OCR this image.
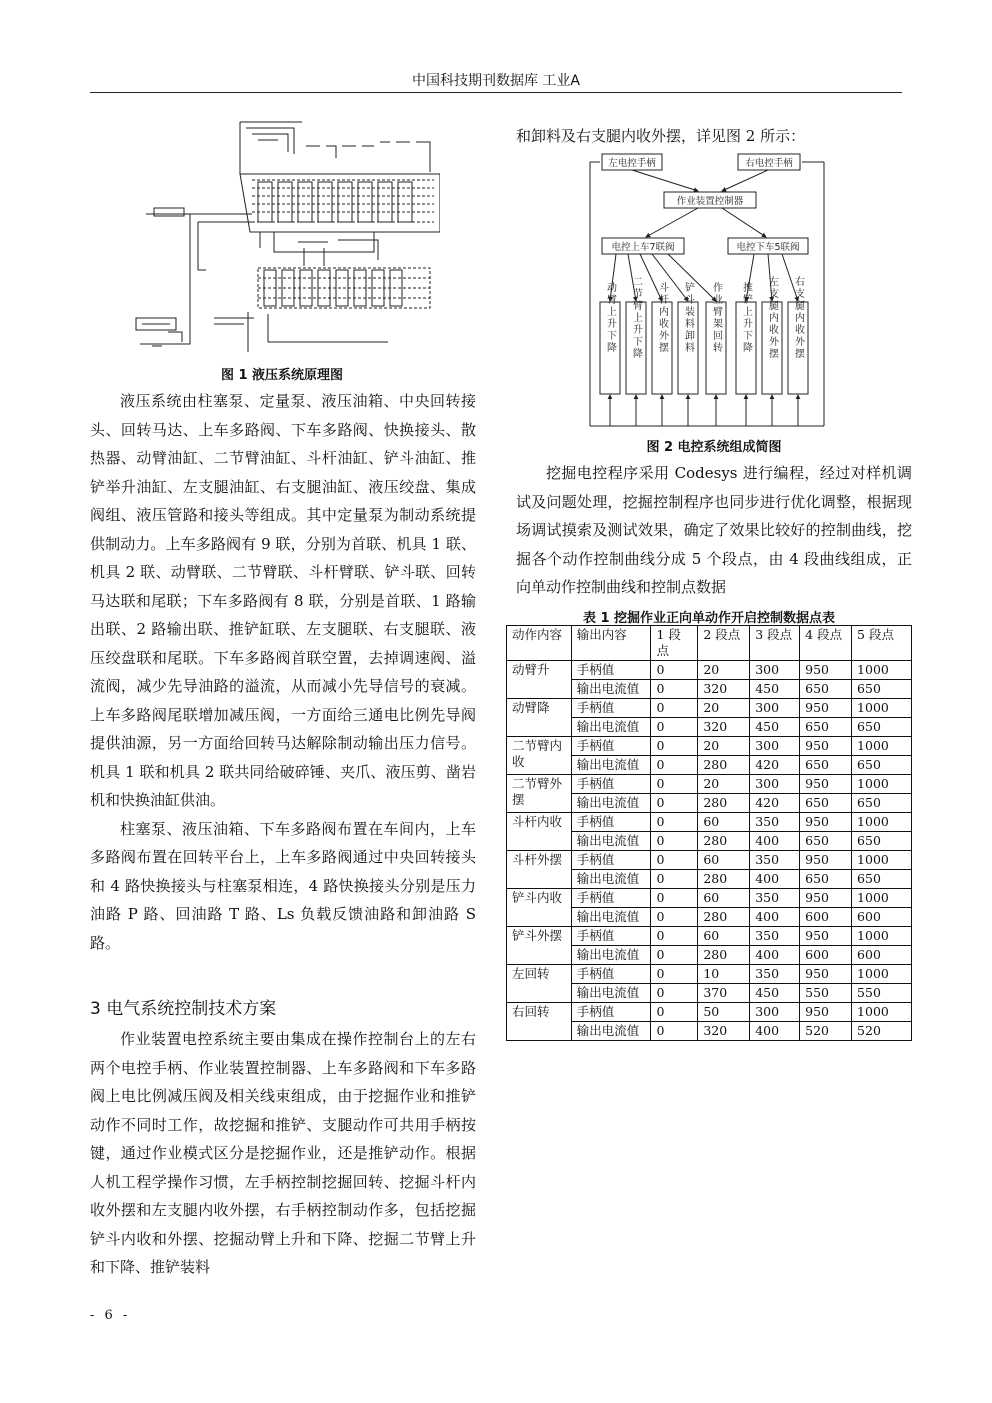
中国科技期刊数据库 工业A
图 1 液压系统原理图

液压系统由柱塞泵、定量泵、液压油箱、中央回转接头、回转马达、上车多路阀、下车多路阀、快换接头、散热器、动臂油缸、二节臂油缸、斗杆油缸、铲斗油缸、推铲举升油缸、左支腿油缸、右支腿油缸、液压绞盘、集成阀组、液压管路和接头等组成。其中定量泵为制动系统提供制动力。上车多路阀有 9 联，分别为首联、机具 1 联、机具 2 联、动臂联、二节臂联、斗杆臂联、铲斗联、回转马达联和尾联；下车多路阀有 8 联，分别是首联、1 路输出联、2 路输出联、推铲缸联、左支腿联、右支腿联、液压绞盘联和尾联。下车多路阀首联空置，去掉调速阀、溢流阀，减少先导油路的溢流，从而减小先导信号的衰减。上车多路阀尾联增加减压阀，一方面给三通电比例先导阀提供油源，另一方面给回转马达解除制动输出压力信号。机具 1 联和机具 2 联共同给破碎锤、夹爪、液压剪、凿岩机和快换油缸供油。

柱塞泵、液压油箱、下车多路阀布置在车间内，上车多路阀布置在回转平台上，上车多路阀通过中央回转接头和 4 路快换接头与柱塞泵相连，4 路快换接头分别是压力油路 P 路、回油路 T 路、Ls 负载反馈油路和卸油路 S 路。

3 电气系统控制技术方案

作业装置电控系统主要由集成在操作控制台上的左右两个电控手柄、作业装置控制器、上车多路阀和下车多路阀上电比例减压阀及相关线束组成，由于挖掘作业和推铲动作不同时工作，故挖掘和推铲、支腿动作可共用手柄按键，通过作业模式区分是挖掘作业，还是推铲动作。根据人机工程学操作习惯，左手柄控制挖掘回转、挖掘斗杆内收外摆和左支腿内收外摆，右手柄控制动作多，包括挖掘铲斗内收和外摆、挖掘动臂上升和下降、挖掘二节臂上升和下降、推铲装料

和卸料及右支腿内收外摆，详见图 2 所示：

左电控手柄	右电控手柄
作业装置控制器
电控上车7联阀	电控下车5联阀
动臂上升下降 二节臂上升下降 斗杆内收外摆 铲斗装料卸料 作业臂架回转 推铲上升下降 左支腿内收外摆 右支腿内收外摆
图 2 电控系统组成简图

挖掘电控程序采用 Codesys 进行编程，经过对样机调试及问题处理，挖掘控制程序也同步进行优化调整，根据现场调试摸索及测试效果，确定了效果比较好的控制曲线，挖掘各个动作控制曲线分成 5 个段点，由 4 段曲线组成，正向单动作控制曲线和控制点数据

表 1 挖掘作业正向单动作开启控制数据点表
动作内容	输出内容	1 段点	2 段点	3 段点	4 段点	5 段点
动臂升	手柄值	0	20	300	950	1000
	输出电流值	0	320	450	650	650
动臂降	手柄值	0	20	300	950	1000
	输出电流值	0	320	450	650	650
二节臂内收	手柄值	0	20	300	950	1000
	输出电流值	0	280	420	650	650
二节臂外摆	手柄值	0	20	300	950	1000
	输出电流值	0	280	420	650	650
斗杆内收	手柄值	0	60	350	950	1000
	输出电流值	0	280	400	650	650
斗杆外摆	手柄值	0	60	350	950	1000
	输出电流值	0	280	400	650	650
铲斗内收	手柄值	0	60	350	950	1000
	输出电流值	0	280	400	600	600
铲斗外摆	手柄值	0	60	350	950	1000
	输出电流值	0	280	400	600	600
左回转	手柄值	0	10	350	950	1000
	输出电流值	0	370	450	550	550
右回转	手柄值	0	50	300	950	1000
	输出电流值	0	320	400	520	520
- 6 -
